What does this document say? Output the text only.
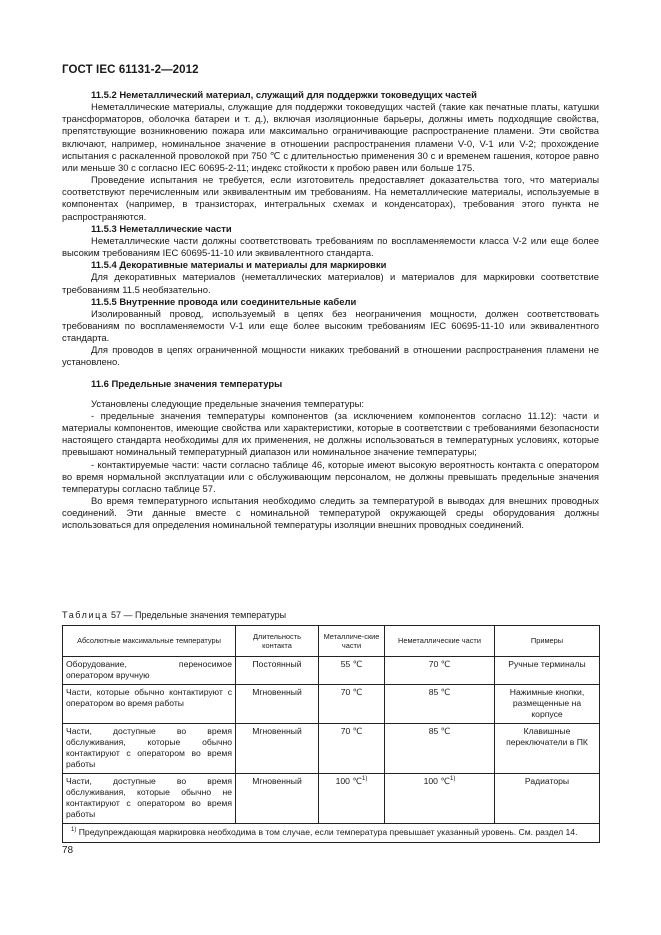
ГОСТ IEC 61131-2—2012

11.5.2 Неметаллический материал, служащий для поддержки токоведущих частей

Неметаллические материалы, служащие для поддержки токоведущих частей (такие как печатные платы, катушки трансформаторов, оболочка батареи и т. д.), включая изоляционные барьеры, должны иметь подходящие свойства, препятствующие возникновению пожара или максимально ограничивающие распространение пламени. Эти свойства включают, например, номинальное значение в отношении распространения пламени V-0, V-1 или V-2; прохождение испытания с раскаленной проволокой при 750 ℃ с длительностью применения 30 с и временем гашения, которое равно или меньше 30 с согласно IEC 60695-2-11; индекс стойкости к пробою равен или больше 175.

Проведение испытания не требуется, если изготовитель предоставляет доказательства того, что материалы соответствуют перечисленным или эквивалентным им требованиям. На неметаллические материалы, используемые в компонентах (например, в транзисторах, интегральных схемах и конденсаторах), требования этого пункта не распространяются.

11.5.3 Неметаллические части

Неметаллические части должны соответствовать требованиям по воспламеняемости класса V-2 или еще более высоким требованиям IEC 60695-11-10 или эквивалентного стандарта.

11.5.4 Декоративные материалы и материалы для маркировки

Для декоративных материалов (неметаллических материалов) и материалов для маркировки соответствие требованиям 11.5 необязательно.

11.5.5 Внутренние провода или соединительные кабели

Изолированный провод, используемый в цепях без неограничения мощности, должен соответствовать требованиям по воспламеняемости V-1 или еще более высоким требованиям IEC 60695-11-10 или эквивалентного стандарта.

Для проводов в цепях ограниченной мощности никаких требований в отношении распространения пламени не установлено.

11.6 Предельные значения температуры

Установлены следующие предельные значения температуры:

- предельные значения температуры компонентов (за исключением компонентов согласно 11.12): части и материалы компонентов, имеющие свойства или характеристики, которые в соответствии с требованиями безопасности настоящего стандарта необходимы для их применения, не должны использоваться в температурных условиях, которые превышают номинальный температурный диапазон или номинальное значение температуры;

- контактируемые части: части согласно таблице 46, которые имеют высокую вероятность контакта с оператором во время нормальной эксплуатации или с обслуживающим персоналом, не должны превышать предельные значения температуры согласно таблице 57.

Во время температурного испытания необходимо следить за температурой в выводах для внешних проводных соединений. Эти данные вместе с номинальной температурой окружающей среды оборудования должны использоваться для определения номинальной температуры изоляции внешних проводных соединений.

Таблица 57 — Предельные значения температуры
Абсолютные максимальные температуры	Длительность контакта	Металличе-ские части	Неметаллические части	Примеры
Оборудование, переносимое оператором вручную	Постоянный	55 ℃	70 ℃	Ручные терминалы
Части, которые обычно контактируют с оператором во время работы	Мгновенный	70 ℃	85 ℃	Нажимные кнопки, размещенные на корпусе
Части, доступные во время обслуживания, которые обычно контактируют с оператором во время работы	Мгновенный	70 ℃	85 ℃	Клавишные переключатели в ПК
Части, доступные во время обслуживания, которые обычно не контактируют с оператором во время работы	Мгновенный	100 ℃$^{1)}$	100 ℃$^{1)}$	Радиаторы
$^{1)}$ Предупреждающая маркировка необходима в том случае, если температура превышает указанный уровень. См. раздел 14.				
78
